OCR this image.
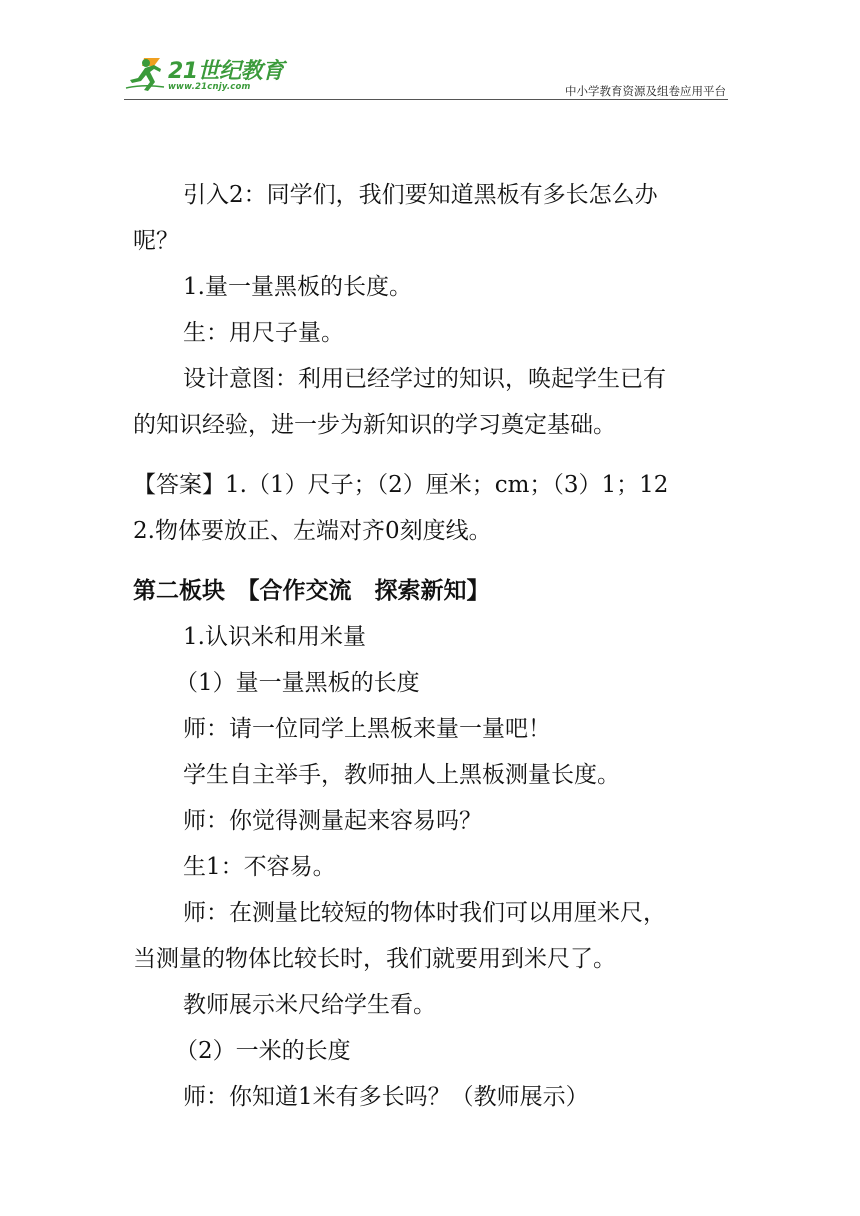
21世纪教育
www.21cnjy.com	中小学教育资源及组卷应用平台
引入2：同学们，我们要知道黑板有多长怎么办
呢？
1.量一量黑板的长度。
生：用尺子量。
设计意图：利用已经学过的知识，唤起学生已有
的知识经验，进一步为新知识的学习奠定基础。
【答案】1.（1）尺子；（2）厘米；cm；（3）1；12
2.物体要放正、左端对齐0刻度线。
第二板块　【合作交流　探索新知】
1.认识米和用米量
（1）量一量黑板的长度
师：请一位同学上黑板来量一量吧！
学生自主举手，教师抽人上黑板测量长度。
师：你觉得测量起来容易吗？
生1：不容易。
师：在测量比较短的物体时我们可以用厘米尺，
当测量的物体比较长时，我们就要用到米尺了。
教师展示米尺给学生看。
（2）一米的长度
师：你知道1米有多长吗？（教师展示）
